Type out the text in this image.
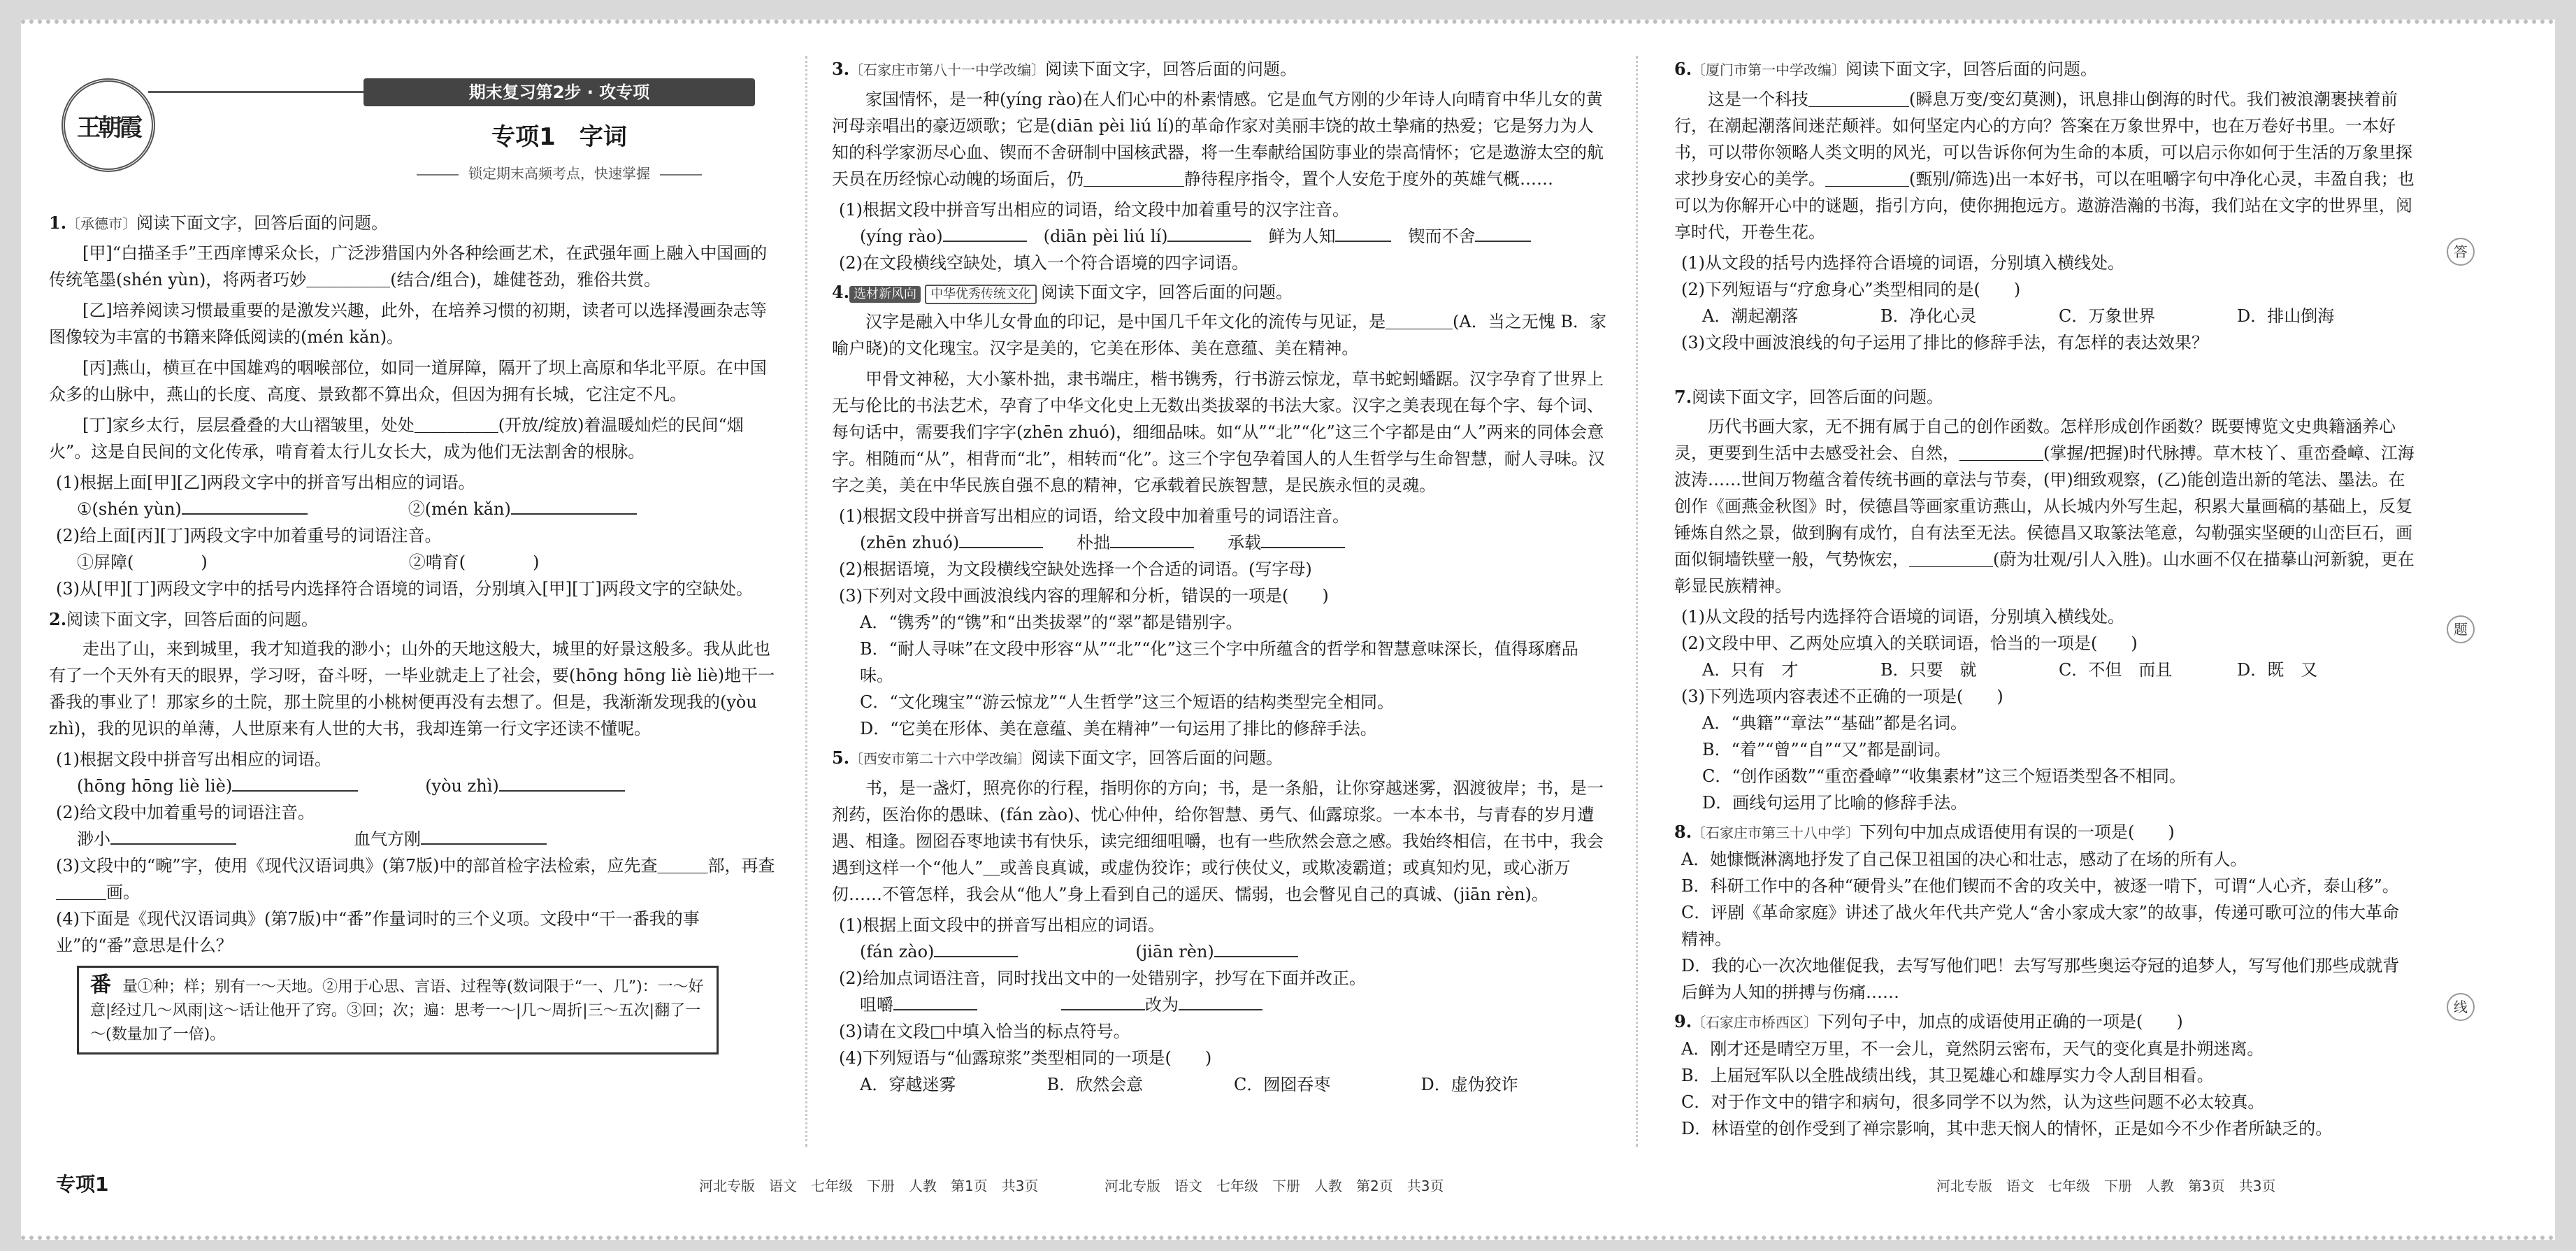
王朝霞
期末复习第2步 · 攻专项
专项1　字词
锁定期末高频考点，快速掌握

1.〔承德市〕阅读下面文字，回答后面的问题。

[甲]“白描圣手”王西庠博采众长，广泛涉猎国内外各种绘画艺术，在武强年画上融入中国画的传统笔墨(shén yùn)，将两者巧妙＿＿＿＿＿(结合/组合)，雄健苍劲，雅俗共赏。

[乙]培养阅读习惯最重要的是激发兴趣，此外，在培养习惯的初期，读者可以选择漫画杂志等图像较为丰富的书籍来降低阅读的(mén kǎn)。

[丙]燕山，横亘在中国雄鸡的咽喉部位，如同一道屏障，隔开了坝上高原和华北平原。在中国众多的山脉中，燕山的长度、高度、景致都不算出众，但因为拥有长城，它注定不凡。

[丁]家乡太行，层层叠叠的大山褶皱里，处处＿＿＿＿＿(开放/绽放)着温暖灿烂的民间“烟火”。这是自民间的文化传承，啃育着太行儿女长大，成为他们无法割舍的根脉。

(1)根据上面[甲][乙]两段文字中的拼音写出相应的词语。

①(shén yùn)　　　　　　	②(mén kǎn)

(2)给上面[丙][丁]两段文字中加着重号的词语注音。

①屏障(　　　　)　　　　　　　　　　　　	②啃育(　　　　)

(3)从[甲][丁]两段文字中的括号内选择符合语境的词语，分别填入[甲][丁]两段文字的空缺处。

2.阅读下面文字，回答后面的问题。

走出了山，来到城里，我才知道我的渺小；山外的天地这般大，城里的好景这般多。我从此也有了一个天外有天的眼界，学习呀，奋斗呀，一毕业就走上了社会，要(hōng hōng liè liè)地干一番我的事业了！那家乡的土院，那土院里的小桃树便再没有去想了。但是，我渐渐发现我的(yòu zhì)，我的见识的单薄，人世原来有人世的大书，我却连第一行文字还读不懂呢。

(1)根据文段中拼音写出相应的词语。

(hōng hōng liè liè)　　　　	(yòu zhì)

(2)给文段中加着重号的词语注音。

渺小　　　　　　　	血气方刚

(3)文段中的“畹”字，使用《现代汉语词典》(第7版)中的部首检字法检索，应先查＿＿＿部，再查＿＿＿画。

(4)下面是《现代汉语词典》(第7版)中“番”作量词时的三个义项。文段中“干一番我的事业”的“番”意思是什么？

番 量①种；样；别有一～天地。②用于心思、言语、过程等(数词限于“一、几”)：一～好意|经过几～风雨|这～话让他开了窍。③回；次；遍：思考一～|几～周折|三～五次|翻了一～(数量加了一倍)。

3.〔石家庄市第八十一中学改编〕阅读下面文字，回答后面的问题。

家国情怀，是一种(yíng rào)在人们心中的朴素情感。它是血气方刚的少年诗人向晴育中华儿女的黄河母亲唱出的豪迈颂歌；它是(diān pèi liú lí)的革命作家对美丽丰饶的故土挚痛的热爱；它是努力为人知的科学家沥尽心血、锲而不舍研制中国核武器，将一生奉献给国防事业的崇高情怀；它是遨游太空的航天员在历经惊心动魄的场面后，仍＿＿＿＿＿＿静待程序指令，置个人安危于度外的英雄气概……

(1)根据文段中拼音写出相应的词语，给文段中加着重号的汉字注音。

(yíng rào)　	(diān pèi liú lí)　	鲜为人知　	锲而不舍

(2)在文段横线空缺处，填入一个符合语境的四字词语。

4. 选材新风向 中华优秀传统文化 阅读下面文字，回答后面的问题。

汉字是融入中华儿女骨血的印记，是中国几千年文化的流传与见证，是＿＿＿＿(A．当之无愧 B．家喻户晓)的文化瑰宝。汉字是美的，它美在形体、美在意蕴、美在精神。

甲骨文神秘，大小篆朴拙，隶书端庄，楷书镌秀，行书游云惊龙，草书蛇蚓蟠踞。汉字孕育了世界上无与伦比的书法艺术，孕育了中华文化史上无数出类拔翠的书法大家。汉字之美表现在每个字、每个词、每句话中，需要我们字字(zhēn zhuó)，细细品味。如“从”“北”“化”这三个字都是由“人”两来的同体会意字。相随而“从”，相背而“北”，相转而“化”。这三个字包孕着国人的人生哲学与生命智慧，耐人寻味。汉字之美，美在中华民族自强不息的精神，它承载着民族智慧，是民族永恒的灵魂。

(1)根据文段中拼音写出相应的词语，给文段中加着重号的词语注音。

(zhēn zhuó)　　	朴拙　　	承载

(2)根据语境，为文段横线空缺处选择一个合适的词语。(写字母)

(3)下列对文段中画波浪线内容的理解和分析，错误的一项是(　　)

A．“镌秀”的“镌”和“出类拔翠”的“翠”都是错别字。

B．“耐人寻味”在文段中形容“从”“北”“化”这三个字中所蕴含的哲学和智慧意味深长，值得琢磨品味。

C．“文化瑰宝”“游云惊龙”“人生哲学”这三个短语的结构类型完全相同。

D．“它美在形体、美在意蕴、美在精神”一句运用了排比的修辞手法。

5.〔西安市第二十六中学改编〕阅读下面文字，回答后面的问题。

书，是一盏灯，照亮你的行程，指明你的方向；书，是一条船，让你穿越迷雾，泅渡彼岸；书，是一剂药，医治你的愚昧、(fán zào)、忧心仲仲，给你智慧、勇气、仙露琼浆。一本本书，与青春的岁月遭遇、相逢。囫囵吞枣地读书有快乐，读完细细咀嚼，也有一些欣然会意之感。我始终相信，在书中，我会遇到这样一个“他人”＿或善良真诚，或虚伪狡诈；或行侠仗义，或欺凌霸道；或真知灼见，或心浙万仞……不管怎样，我会从“他人”身上看到自己的遥厌、懦弱，也会瞥见自己的真诚、(jiān rèn)。

(1)根据上面文段中的拼音写出相应的词语。

(fán zào)　　　　　　　	(jiān rèn)

(2)给加点词语注音，同时找出文中的一处错别字，抄写在下面并改正。

咀嚼　　　　　	改为

(3)请在文段□中填入恰当的标点符号。

(4)下列短语与“仙露琼浆”类型相同的一项是(　　)

A．穿越迷雾	B．欣然会意	C．囫囵吞枣	D．虚伪狡诈

6.〔厦门市第一中学改编〕阅读下面文字，回答后面的问题。

这是一个科技＿＿＿＿＿＿(瞬息万变/变幻莫测)，讯息排山倒海的时代。我们被浪潮裹挟着前行，在潮起潮落间迷茫颠袢。如何坚定内心的方向？答案在万象世界中，也在万卷好书里。一本好书，可以带你领略人类文明的风光，可以告诉你何为生命的本质，可以启示你如何于生活的万象里探求抄身安心的美学。＿＿＿＿＿(甄别/筛选)出一本好书，可以在咀嚼字句中净化心灵，丰盈自我；也可以为你解开心中的谜题，指引方向，使你拥抱远方。遨游浩瀚的书海，我们站在文字的世界里，阅享时代，开卷生花。

(1)从文段的括号内选择符合语境的词语，分别填入横线处。

(2)下列短语与“疗愈身心”类型相同的是(　　)

A．潮起潮落	B．净化心灵	C．万象世界	D．排山倒海

(3)文段中画波浪线的句子运用了排比的修辞手法，有怎样的表达效果？

7.阅读下面文字，回答后面的问题。

历代书画大家，无不拥有属于自己的创作函数。怎样形成创作函数？既要博览文史典籍涵养心灵，更要到生活中去感受社会、自然，＿＿＿＿＿(掌握/把握)时代脉搏。草木枝丫、重峦叠嶂、江海波涛……世间万物蕴含着传统书画的章法与节奏，(甲)细致观察，(乙)能创造出新的笔法、墨法。在创作《画燕金秋图》时，侯德昌等画家重访燕山，从长城内外写生起，积累大量画稿的基础上，反复锤炼自然之景，做到胸有成竹，自有法至无法。侯德昌又取篆法笔意，勾勒强实坚硬的山峦巨石，画面似铜墙铁壁一般，气势恢宏，＿＿＿＿＿(蔚为壮观/引人入胜)。山水画不仅在描摹山河新貌，更在彰显民族精神。

(1)从文段的括号内选择符合语境的词语，分别填入横线处。

(2)文段中甲、乙两处应填入的关联词语，恰当的一项是(　　)

A．只有　才	B．只要　就	C．不但　而且	D．既　又

(3)下列选项内容表述不正确的一项是(　　)

A．“典籍”“章法”“基础”都是名词。

B．“着”“曾”“自”“又”都是副词。

C．“创作函数”“重峦叠嶂”“收集素材”这三个短语类型各不相同。

D．画线句运用了比喻的修辞手法。

8.〔石家庄市第三十八中学〕下列句中加点成语使用有误的一项是(　　)

A．她慷慨淋漓地抒发了自己保卫祖国的决心和壮志，感动了在场的所有人。

B．科研工作中的各种“硬骨头”在他们锲而不舍的攻关中，被逐一啃下，可谓“人心齐，泰山移”。

C．评剧《革命家庭》讲述了战火年代共产党人“舍小家成大家”的故事，传递可歌可泣的伟大革命精神。

D．我的心一次次地催促我，去写写他们吧！去写写那些奥运夺冠的追梦人，写写他们那些成就背后鲜为人知的拼搏与伤痛……

9.〔石家庄市桥西区〕下列句子中，加点的成语使用正确的一项是(　　)

A．刚才还是晴空万里，不一会儿，竟然阴云密布，天气的变化真是扑朔迷离。

B．上届冠军队以全胜战绩出线，其卫冕雄心和雄厚实力令人刮目相看。

C．对于作文中的错字和病句，很多同学不以为然，认为这些问题不必太较真。

D．林语堂的创作受到了禅宗影响，其中悲天悯人的情怀，正是如今不少作者所缺乏的。

答
题
线
专项1	河北专版　语文　七年级　下册　人教　第1页　共3页	河北专版　语文　七年级　下册　人教　第2页　共3页	河北专版　语文　七年级　下册　人教　第3页　共3页
